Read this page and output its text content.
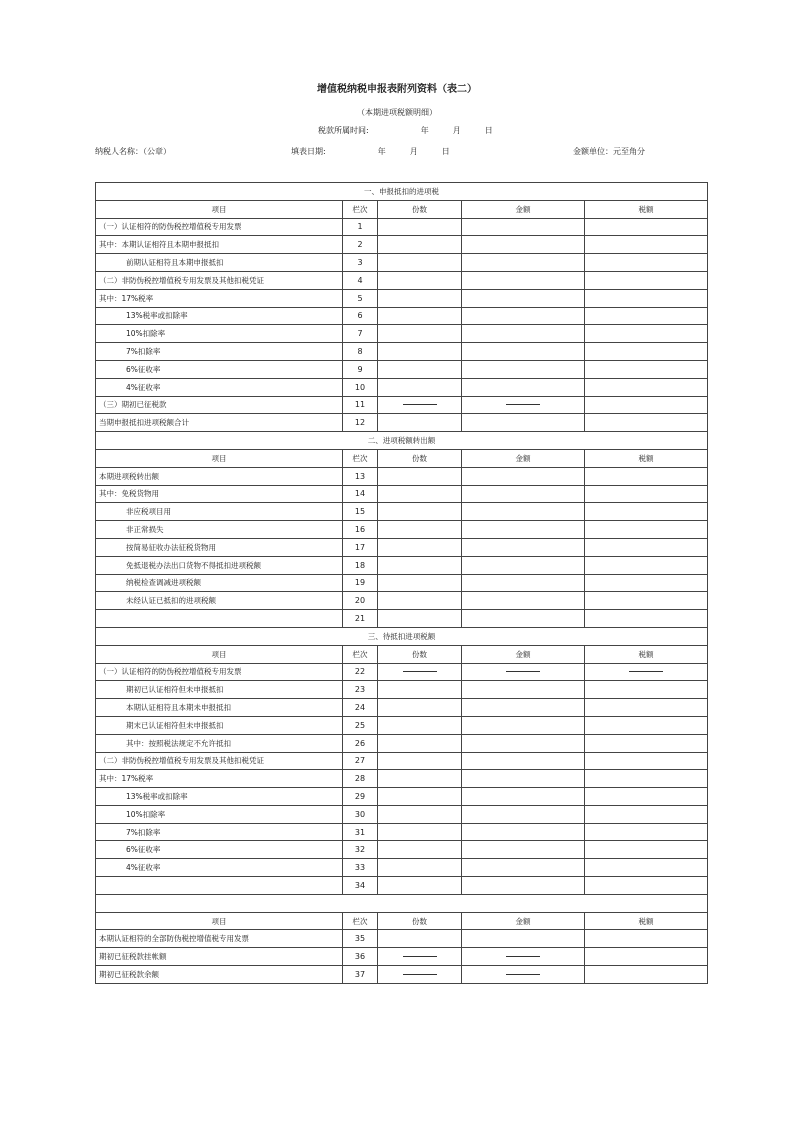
增值税纳税申报表附列资料（表二）
（本期进项税额明细）
税款所属时间:	年	月	日
纳税人名称：（公章）	填表日期:	年	月	日	金额单位：元至角分
一、申报抵扣的进项税				
项目	栏次	份数	金额	税额
（一）认证相符的防伪税控增值税专用发票	1			
其中：本期认证相符且本期申报抵扣	2			
前期认证相符且本期申报抵扣	3			
（二）非防伪税控增值税专用发票及其他扣税凭证	4			
其中：17%税率	5			
13%税率或扣除率	6			
10%扣除率	7			
7%扣除率	8			
6%征收率	9			
4%征收率	10			
（三）期初已征税款	11	

当期申报抵扣进项税额合计	12			
二、进项税额转出额				
项目	栏次	份数	金额	税额
本期进项税转出额	13			
其中：免税货物用	14			
非应税项目用	15			
非正常损失	16			
按简易征收办法征税货物用	17			
免抵退税办法出口货物不得抵扣进项税额	18			
纳税检查调减进项税额	19			
未经认证已抵扣的进项税额	20			
	21			
三、待抵扣进项税额				
项目	栏次	份数	金额	税额
（一）认证相符的防伪税控增值税专用发票	22	

期初已认证相符但未申报抵扣	23			
本期认证相符且本期未申报抵扣	24			
期末已认证相符但未申报抵扣	25			
其中：按照税法规定不允许抵扣	26			
（二）非防伪税控增值税专用发票及其他扣税凭证	27			
其中：17%税率	28			
13%税率或扣除率	29			
10%扣除率	30			
7%扣除率	31			
6%征收率	32			
4%征收率	33			
	34			

项目	栏次	份数	金额	税额
本期认证相符的全部防伪税控增值税专用发票	35			
期初已征税款挂帐额	36	

期初已征税款余额	37	
